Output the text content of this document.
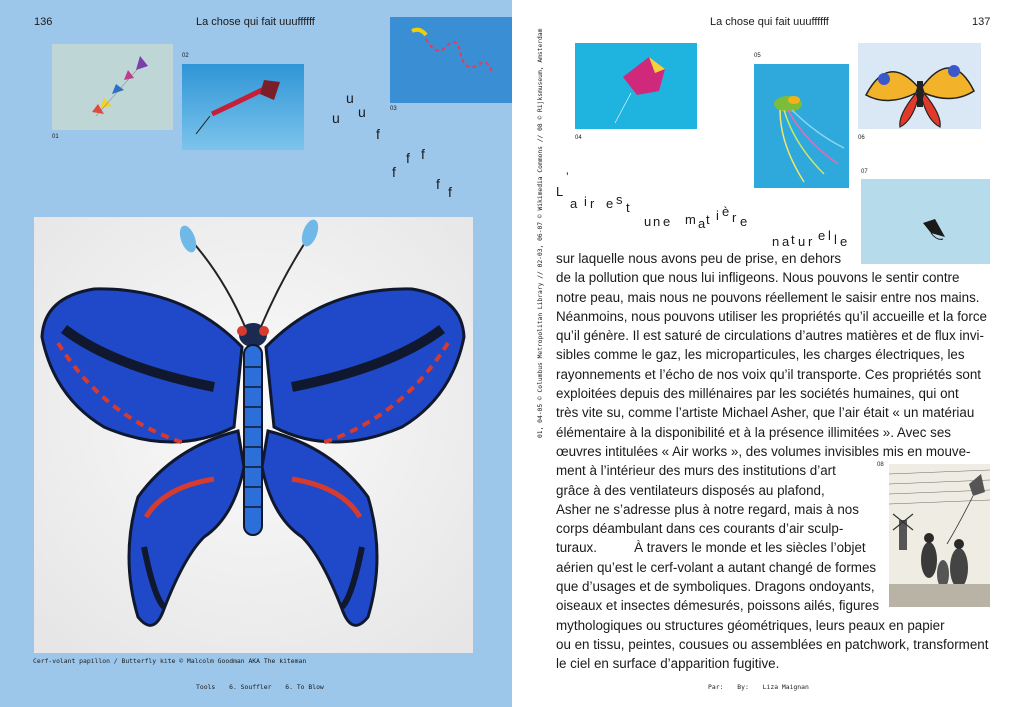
136	La chose qui fait uuuffffff
01
02
03
u
u
u
f
f f
f
f f
Cerf-volant papillon / Butterfly kite © Malcolm Goodman AKA The kiteman
Tools 6. Souffler 6. To Blow
La chose qui fait uuuffffff	137
04
05
06
07
08
01, 04-05 © Columbus Metropolitan Library // 02-03, 06-07 © Wikimedia Commons // 08 © Rijksmuseum, Amsterdam L
’
a i r e s
t
u n e m a t i è r e
n a t u r e l l e
sur laquelle nous avons peu de prise, en dehors
de la pollution que nous lui infligeons. Nous pouvons le sentir contre
notre peau, mais nous ne pouvons réellement le saisir entre nos mains.
Néanmoins, nous pouvons utiliser les propriétés qu’il accueille et la force
qu’il génère. Il est saturé de circulations d’autres matières et de flux invi-
sibles comme le gaz, les microparticules, les charges électriques, les
rayonnements et l’écho de nos voix qu’il transporte. Ces propriétés sont
exploitées depuis des millénaires par les sociétés humaines, qui ont
très vite su, comme l’artiste Michael Asher, que l’air était « un matériau
élémentaire à la disponibilité et à la présence illimitées ». Avec ses
œuvres intitulées « Air works », des volumes invisibles mis en mouve-
ment à l’intérieur des murs des institutions d’art
grâce à des ventilateurs disposés au plafond,
Asher ne s’adresse plus à notre regard, mais à nos
corps déambulant dans ces courants d’air sculp-
turaux.          À travers le monde et les siècles l’objet
aérien qu’est le cerf-volant a autant changé de formes
que d’usages et de symboliques. Dragons ondoyants,
oiseaux et insectes démesurés, poissons ailés, figures
mythologiques ou structures géométriques, leurs peaux en papier
ou en tissu, peintes, cousues ou assemblées en patchwork, transforment
le ciel en surface d’apparition fugitive.
Par: By: Liza Maignan
